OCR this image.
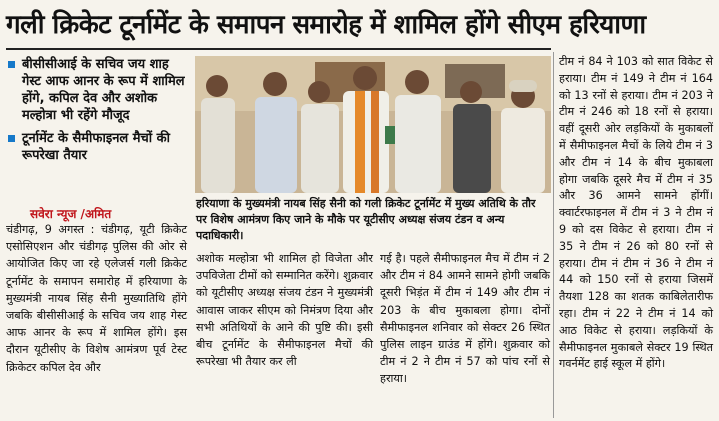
गली क्रिकेट टूर्नामेंट के समापन समारोह में शामिल होंगे सीएम हरियाणा
बीसीसीआई के सचिव जय शाह गेस्ट आफ आनर के रूप में शामिल होंगे, कपिल देव और अशोक मल्होत्रा भी रहेंगे मौजूद
टूर्नामेंट के सैमीफाइनल मैचों की रूपरेखा तैयार
सवेरा न्यूज /अमित
चंडीगढ़, 9 अगस्त : चंडीगढ़, यूटी क्रिकेट एसोसिएशन और चंडीगढ़ पुलिस की ओर से आयोजित किए जा रहे एलेजर्स गली क्रिकेट टूर्नामेंट के समापन समारोह में हरियाणा के मुख्यमंत्री नायब सिंह सैनी मुख्यातिथि होंगे जबकि बीसीसीआई के सचिव जय शाह गेस्ट आफ आनर के रूप में शामिल होंगे। इस दौरान यूटीसीए के विशेष आमंत्रण पूर्व टेस्ट क्रिकेटर कपिल देव और
हरियाणा के मुख्यमंत्री नायब सिंह सैनी को गली क्रिकेट टूर्नामेंट में मुख्य अतिथि के तौर पर विशेष आमंत्रण किए जाने के मौके पर यूटीसीए अध्यक्ष संजय टंडन व अन्य पदाधिकारी।
अशोक मल्होत्रा भी शामिल हो विजेता और उपविजेता टीमों को सम्मानित करेंगे। शुक्रवार को यूटीसीए अध्यक्ष संजय टंडन ने मुख्यमंत्री आवास जाकर सीएम को निमंत्रण दिया और सभी अतिथियों के आने की पुष्टि की। इसी बीच टूर्नामेंट के सैमीफाइनल मैचों की रूपरेखा भी तैयार कर ली
गई है। पहले सैमीफाइनल मैच में टीम नं 2 और टीम नं 84 आमने सामने होगी जबकि दूसरी भिड़ंत में टीम नं 149 और टीम नं 203 के बीच मुकाबला होगा। दोनों सैमीफाइनल शनिवार को सेक्टर 26 स्थित पुलिस लाइन ग्राउंड में होंगे। शुक्रवार को टीम नं 2 ने टीम नं 57 को पांच रनों से हराया।
टीम नं 84 ने 103 को सात विकेट से हराया। टीम नं 149 ने टीम नं 164 को 13 रनों से हराया। टीम नं 203 ने टीम नं 246 को 18 रनों से हराया। वहीं दूसरी ओर लड़कियों के मुकाबलों में सैमीफाइनल मैचों के लिये टीम नं 3 और टीम नं 14 के बीच मुकाबला होगा जबकि दूसरे मैच में टीम नं 35 और 36 आमने सामने होंगीं। क्वार्टरफाइनल में टीम नं 3 ने टीम नं 9 को दस विकेट से हराया। टीम नं 35 ने टीम नं 26 को 80 रनों से हराया। टीम नं टीम नं 36 ने टीम नं 44 को 150 रनों से हराया जिसमें तैयशा 128 का शतक काबिलेतारीफ रहा। टीम नं 22 ने टीम नं 14 को आठ विकेट से हराया। लड़कियों के सैमीफाइनल मुकाबले सेक्टर 19 स्थित गवर्नमेंट हाई स्कूल में होंगे।
